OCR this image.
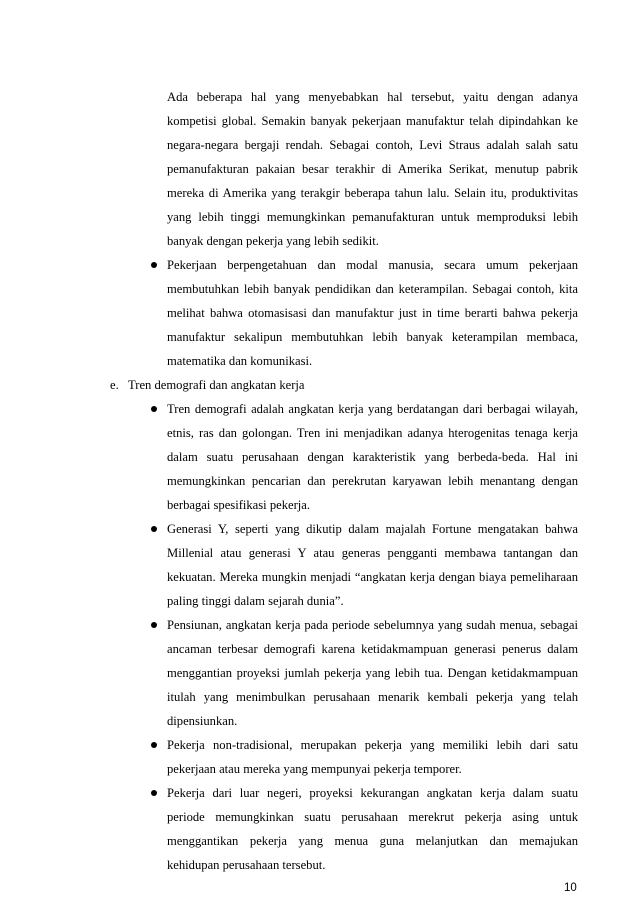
Ada beberapa hal yang menyebabkan hal tersebut, yaitu dengan adanya
kompetisi global. Semakin banyak pekerjaan manufaktur telah dipindahkan ke
negara-negara bergaji rendah. Sebagai contoh, Levi Straus adalah salah satu
pemanufakturan pakaian besar terakhir di Amerika Serikat, menutup pabrik
mereka di Amerika yang terakgir beberapa tahun lalu. Selain itu, produktivitas
yang lebih tinggi memungkinkan pemanufakturan untuk memproduksi lebih
banyak dengan pekerja yang lebih sedikit.
Pekerjaan berpengetahuan dan modal manusia, secara umum pekerjaan
membutuhkan lebih banyak pendidikan dan keterampilan. Sebagai contoh, kita
melihat bahwa otomasisasi dan manufaktur just in time berarti bahwa pekerja
manufaktur sekalipun membutuhkan lebih banyak keterampilan membaca,
matematika dan komunikasi.
e. Tren demografi dan angkatan kerja
Tren demografi adalah angkatan kerja yang berdatangan dari berbagai wilayah,
etnis, ras dan golongan. Tren ini menjadikan adanya hterogenitas tenaga kerja
dalam suatu perusahaan dengan karakteristik yang berbeda-beda. Hal ini
memungkinkan pencarian dan perekrutan karyawan lebih menantang dengan
berbagai spesifikasi pekerja.
Generasi Y, seperti yang dikutip dalam majalah Fortune mengatakan bahwa
Millenial atau generasi Y atau generas pengganti membawa tantangan dan
kekuatan. Mereka mungkin menjadi “angkatan kerja dengan biaya pemeliharaan
paling tinggi dalam sejarah dunia”.
Pensiunan, angkatan kerja pada periode sebelumnya yang sudah menua, sebagai
ancaman terbesar demografi karena ketidakmampuan generasi penerus dalam
menggantian proyeksi jumlah pekerja yang lebih tua. Dengan ketidakmampuan
itulah yang menimbulkan perusahaan menarik kembali pekerja yang telah
dipensiunkan.
Pekerja non-tradisional, merupakan pekerja yang memiliki lebih dari satu
pekerjaan atau mereka yang mempunyai pekerja temporer.
Pekerja dari luar negeri, proyeksi kekurangan angkatan kerja dalam suatu
periode memungkinkan suatu perusahaan merekrut pekerja asing untuk
menggantikan pekerja yang menua guna melanjutkan dan memajukan
kehidupan perusahaan tersebut.
10
